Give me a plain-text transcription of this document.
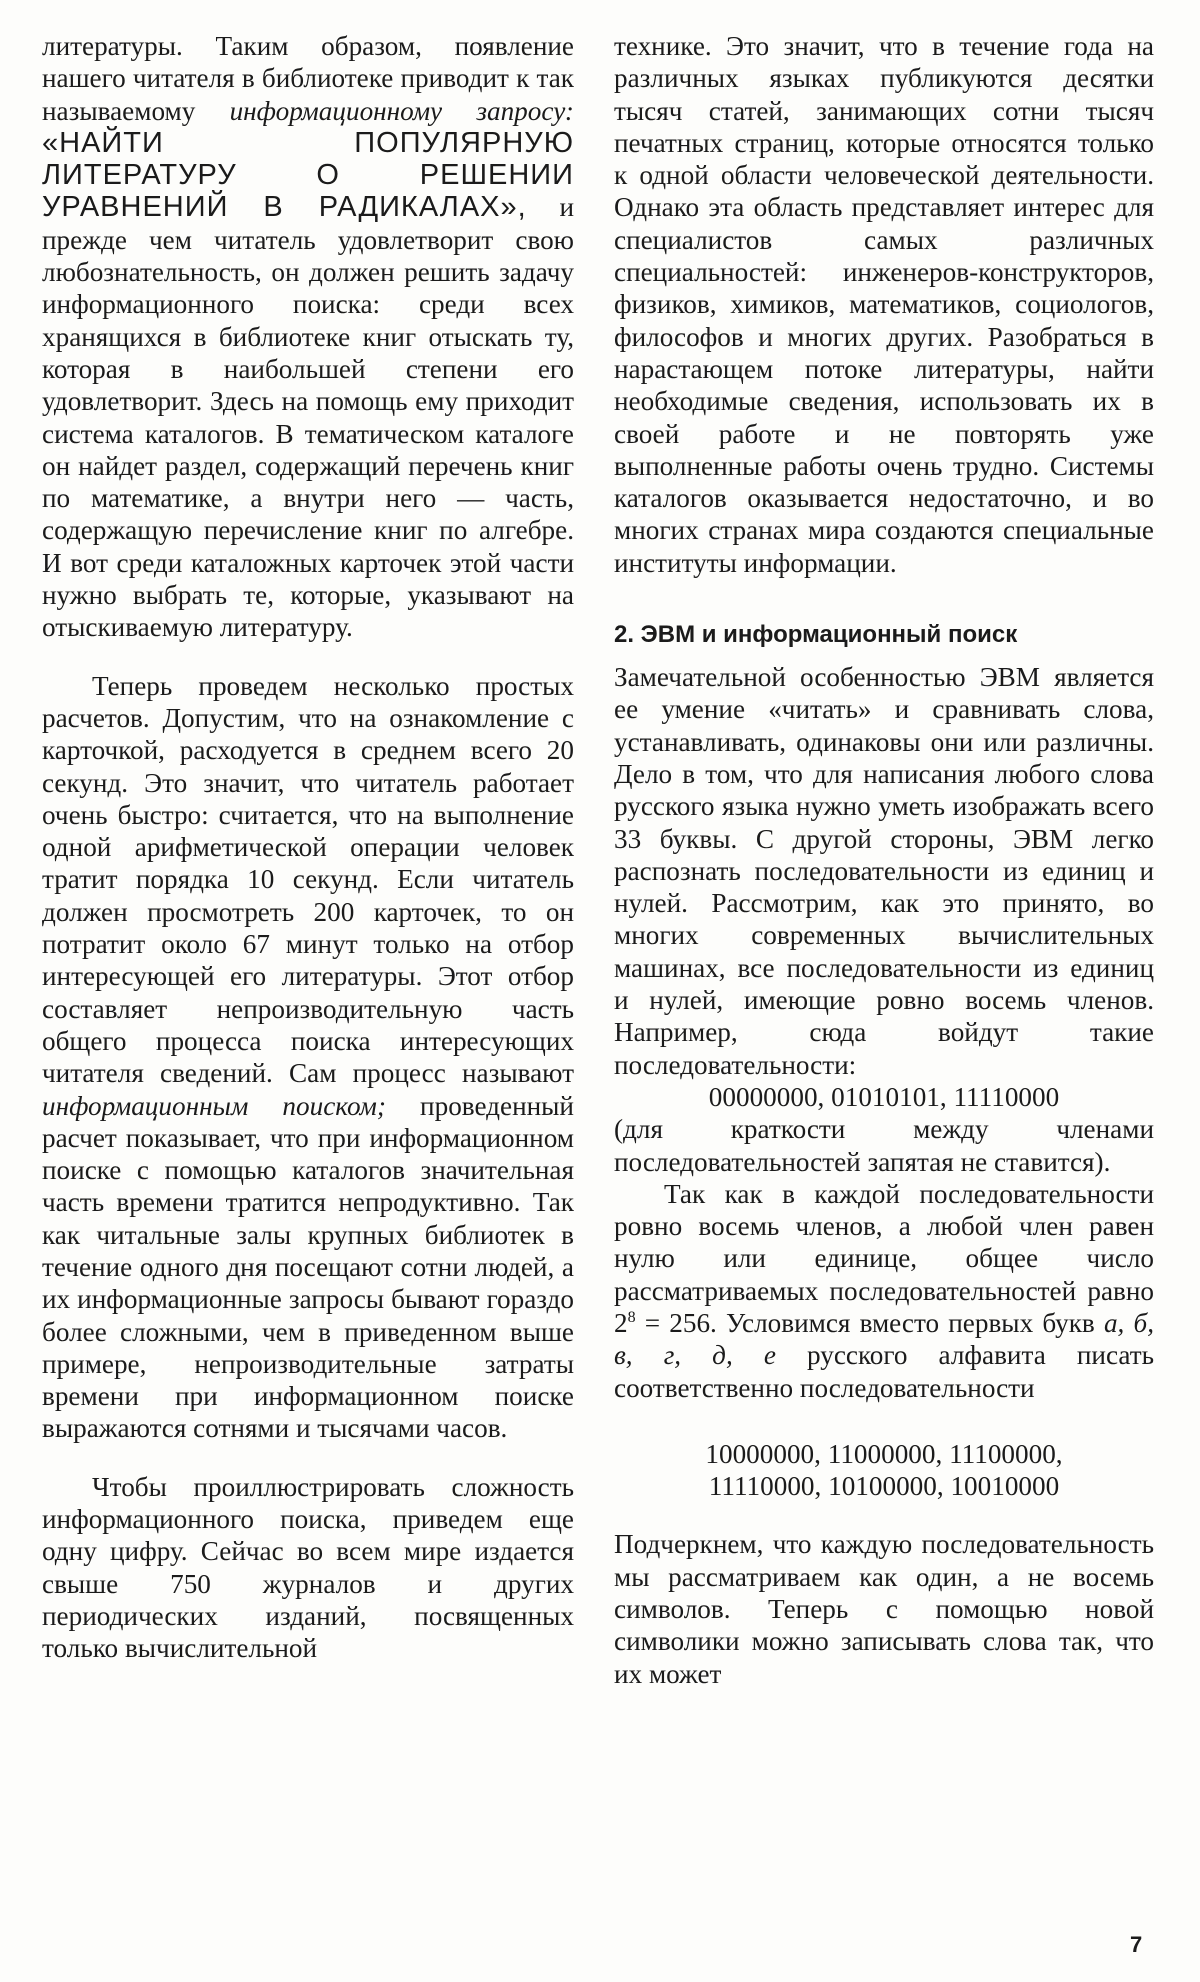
литературы. Таким образом, появление нашего читателя в библиотеке приводит к так называемому информационному запросу: «НАЙТИ ПОПУЛЯРНУЮ ЛИТЕРАТУРУ О РЕШЕНИИ УРАВНЕНИЙ В РАДИКАЛАХ», и прежде чем читатель удовлетворит свою любознательность, он должен решить задачу информационного поиска: среди всех хранящихся в библиотеке книг отыскать ту, которая в наибольшей степени его удовлетворит. Здесь на помощь ему приходит система каталогов. В тематическом каталоге он найдет раздел, содержащий перечень книг по математике, а внутри него — часть, содержащую перечисление книг по алгебре. И вот среди каталожных карточек этой части нужно выбрать те, которые, указывают на отыскиваемую литературу.

Теперь проведем несколько простых расчетов. Допустим, что на ознакомление с карточкой, расходуется в среднем всего 20 секунд. Это значит, что читатель работает очень быстро: считается, что на выполнение одной арифметической операции человек тратит порядка 10 секунд. Если читатель должен просмотреть 200 карточек, то он потратит около 67 минут только на отбор интересующей его литературы. Этот отбор составляет непроизводительную часть общего процесса поиска интересующих читателя сведений. Сам процесс называют информационным поиском; проведенный расчет показывает, что при информационном поиске с помощью каталогов значительная часть времени тратится непродуктивно. Так как читальные залы крупных библиотек в течение одного дня посещают сотни людей, а их информационные запросы бывают гораздо более сложными, чем в приведенном выше примере, непроизводительные затраты времени при информационном поиске выражаются сотнями и тысячами часов.

Чтобы проиллюстрировать сложность информационного поиска, приведем еще одну цифру. Сейчас во всем мире издается свыше 750 журналов и других периодических изданий, посвященных только вычислительной

технике. Это значит, что в течение года на различных языках публикуются десятки тысяч статей, занимающих сотни тысяч печатных страниц, которые относятся только к одной области человеческой деятельности. Однако эта область представляет интерес для специалистов самых различных специальностей: инженеров-конструкторов, физиков, химиков, математиков, социологов, философов и многих других. Разобраться в нарастающем потоке литературы, найти необходимые сведения, использовать их в своей работе и не повторять уже выполненные работы очень трудно. Системы каталогов оказывается недостаточно, и во многих странах мира создаются специальные институты информации.

2. ЭВМ и информационный поиск

Замечательной особенностью ЭВМ является ее умение «читать» и сравнивать слова, устанавливать, одинаковы они или различны. Дело в том, что для написания любого слова русского языка нужно уметь изображать всего 33 буквы. С другой стороны, ЭВМ легко распознать последовательности из единиц и нулей. Рассмотрим, как это принято, во многих современных вычислительных машинах, все последовательности из единиц и нулей, имеющие ровно восемь членов. Например, сюда войдут такие последовательности:

00000000, 01010101, 11110000

(для краткости между членами последовательностей запятая не ставится).

Так как в каждой последовательности ровно восемь членов, а любой член равен нулю или единице, общее число рассматриваемых последовательностей равно $2^8 = 256$. Условимся вместо первых букв а, б, в, г, д, е русского алфавита писать соответственно последовательности

10000000, 11000000, 11100000,
11110000, 10100000, 10010000

Подчеркнем, что каждую последовательность мы рассматриваем как один, а не восемь символов. Теперь с помощью новой символики можно записывать слова так, что их может

7
